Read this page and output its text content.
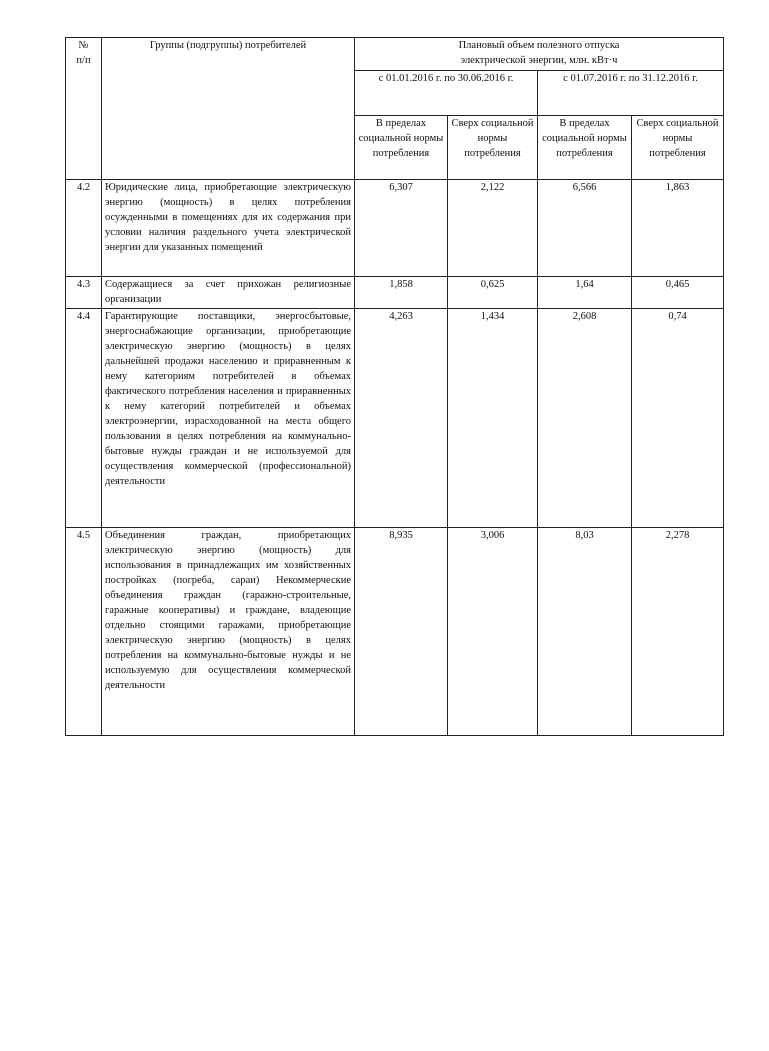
№
п/п	Группы (подгруппы) потребителей	Плановый объем полезного отпуска
электрической энергии, млн. кВт·ч			

		с 01.01.2016 г. по 30.06.2016 г.		с 01.07.2016 г. по 31.12.2016 г.	
		В пределах социальной нормы потребления	Сверх социальной нормы потребления	В пределах социальной нормы потребления	Сверх социальной нормы потребления
4.2	Юридические лица, приобретающие электрическую энергию (мощность) в целях потребления осужденными в помещениях для их содержания при условии наличия раздельного учета электрической энергии для указанных помещений	6,307	2,122	6,566	1,863
4.3	Содержащиеся за счет прихожан религиозные организации	1,858	0,625	1,64	0,465
4.4	Гарантирующие поставщики, энергосбытовые, энергоснабжающие организации, приобретающие электрическую энергию (мощность) в целях дальнейшей продажи населению и приравненным к нему категориям потребителей в объемах фактического потребления населения и приравненных к нему категорий потребителей и объемах электроэнергии, израсходованной на места общего пользования в целях потребления на коммунально-бытовые нужды граждан и не используемой для осуществления коммерческой (профессиональной) деятельности	4,263	1,434	2,608	0,74
4.5	Объединения граждан, приобретающих электрическую энергию (мощность) для использования в принадлежащих им хозяйственных постройках (погреба, сараи) Некоммерческие объединения граждан (гаражно-строительные, гаражные кооперативы) и граждане, владеющие отдельно стоящими гаражами, приобретающие электрическую энергию (мощность) в целях потребления на коммунально-бытовые нужды и не используемую для осуществления коммерческой деятельности	8,935	3,006	8,03	2,278
